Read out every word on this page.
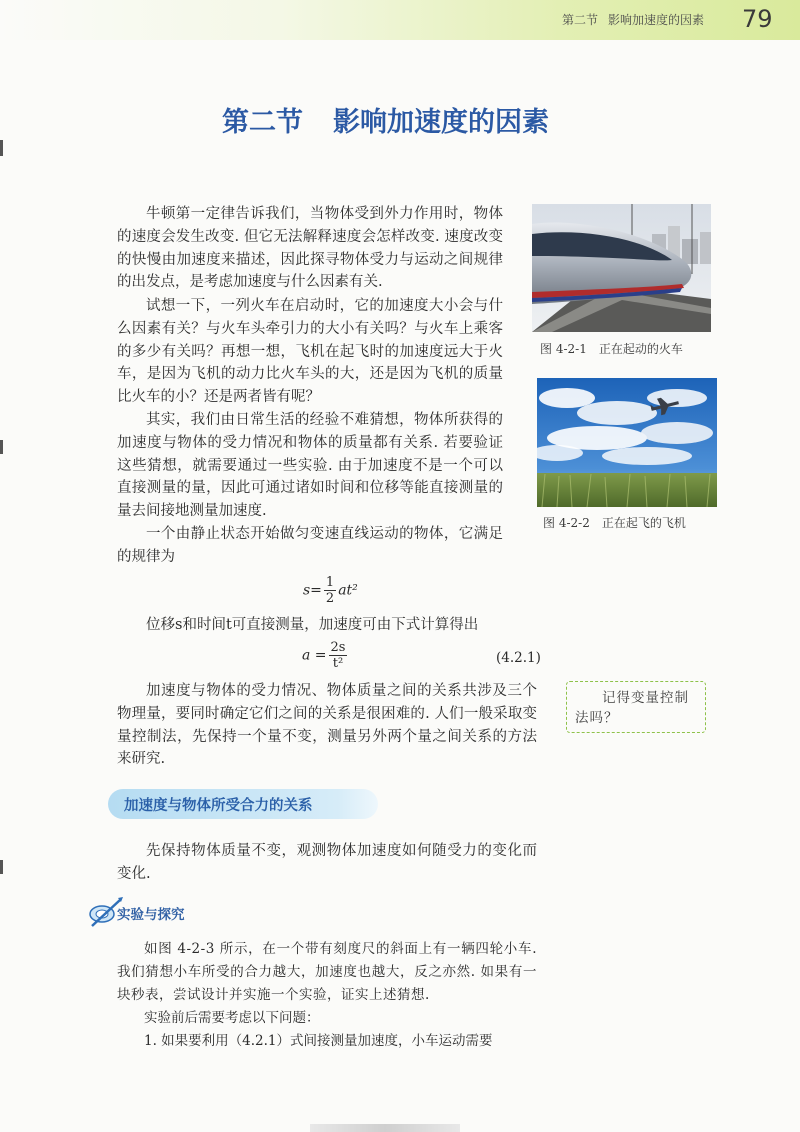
第二节 影响加速度的因素 79
第二节 影响加速度的因素

牛顿第一定律告诉我们，当物体受到外力作用时，物体的速度会发生改变. 但它无法解释速度会怎样改变. 速度改变的快慢由加速度来描述，因此探寻物体受力与运动之间规律的出发点，是考虑加速度与什么因素有关.

试想一下，一列火车在启动时，它的加速度大小会与什么因素有关？与火车头牵引力的大小有关吗？与火车上乘客的多少有关吗？再想一想，飞机在起飞时的加速度远大于火车，是因为飞机的动力比火车头的大，还是因为飞机的质量比火车的小？还是两者皆有呢？

其实，我们由日常生活的经验不难猜想，物体所获得的加速度与物体的受力情况和物体的质量都有关系. 若要验证这些猜想，就需要通过一些实验. 由于加速度不是一个可以直接测量的量，因此可通过诸如时间和位移等能直接测量的量去间接地测量加速度.

一个由静止状态开始做匀变速直线运动的物体，它满足的规律为

$s= \frac{1}{2} at^2$

位移s和时间t可直接测量，加速度可由下式计算得出

$a = \frac{2s}{\text{t²}}$	(4.2.1)

加速度与物体的受力情况、物体质量之间的关系共涉及三个物理量，要同时确定它们之间的关系是很困难的. 人们一般采取变量控制法，先保持一个量不变，测量另外两个量之间关系的方法来研究.

图 4-2-1 正在起动的火车
图 4-2-2 正在起飞的飞机
记得变量控制法吗？
加速度与物体所受合力的关系

先保持物体质量不变，观测物体加速度如何随受力的变化而变化.

实验与探究

如图 4-2-3 所示，在一个带有刻度尺的斜面上有一辆四轮小车. 我们猜想小车所受的合力越大，加速度也越大，反之亦然. 如果有一块秒表，尝试设计并实施一个实验，证实上述猜想.

实验前后需要考虑以下问题：

1. 如果要利用（4.2.1）式间接测量加速度，小车运动需要
